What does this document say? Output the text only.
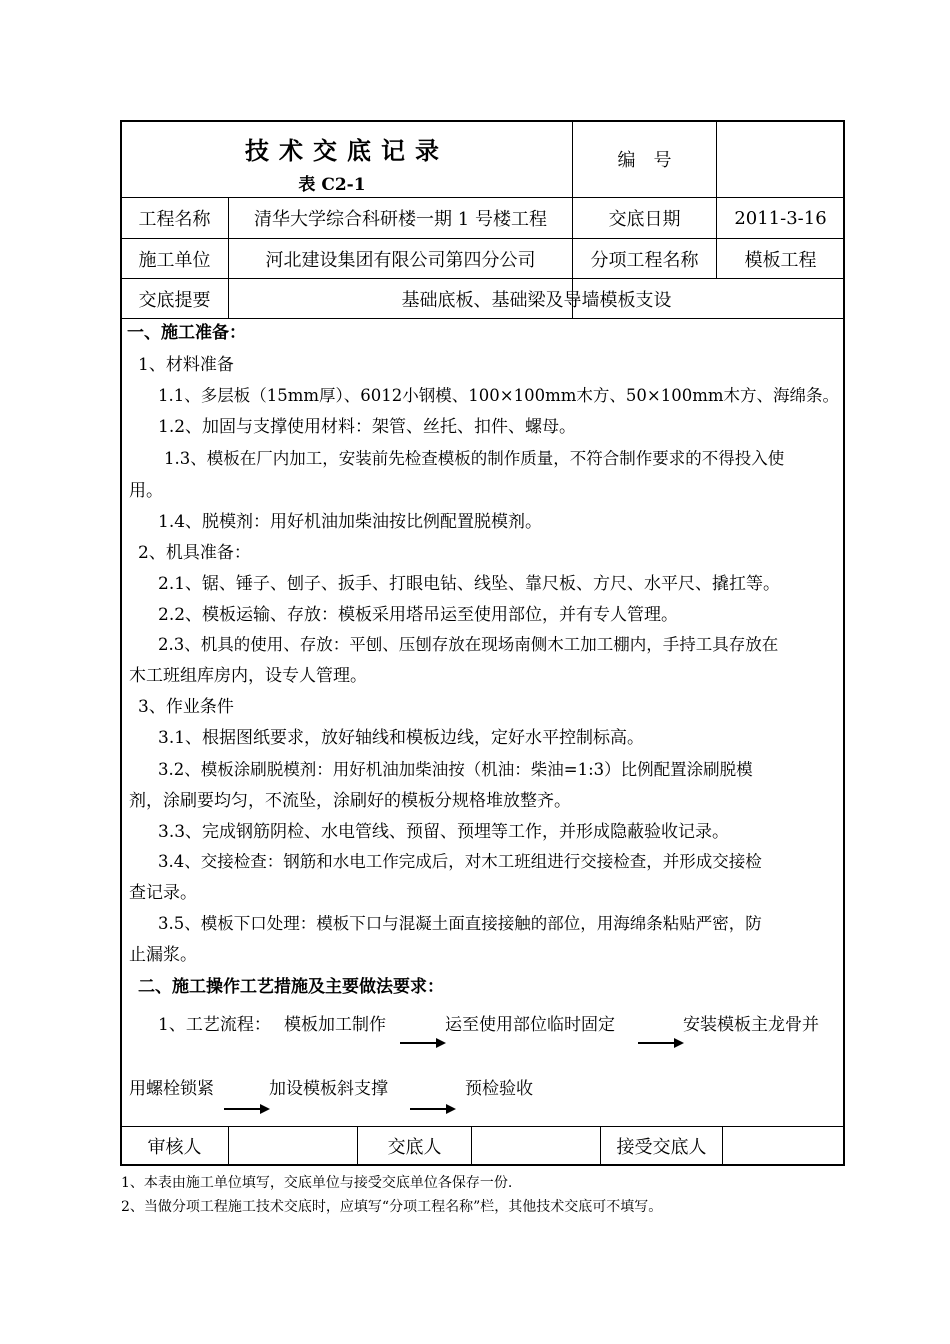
技术交底记录
表 C2-1
编　号
工程名称	清华大学综合科研楼一期 1 号楼工程	交底日期	2011-3-16
施工单位	河北建设集团有限公司第四分公司	分项工程名称	模板工程
交底提要	基础底板、基础梁及导墙模板支设
一、施工准备：
1、材料准备
1.1、多层板（15mm厚）、6012小钢模、100×100mm木方、50×100mm木方、海绵条。
1.2、加固与支撑使用材料：架管、丝托、扣件、螺母。
1.3、模板在厂内加工，安装前先检查模板的制作质量，不符合制作要求的不得投入使
用。
1.4、脱模剂：用好机油加柴油按比例配置脱模剂。
2、机具准备：
2.1、锯、锤子、刨子、扳手、打眼电钻、线坠、靠尺板、方尺、水平尺、撬扛等。
2.2、模板运输、存放：模板采用塔吊运至使用部位，并有专人管理。
2.3、机具的使用、存放：平刨、压刨存放在现场南侧木工加工棚内，手持工具存放在
木工班组库房内，设专人管理。
3、作业条件
3.1、根据图纸要求，放好轴线和模板边线，定好水平控制标高。
3.2、模板涂刷脱模剂：用好机油加柴油按（机油：柴油=1:3）比例配置涂刷脱模
剂，涂刷要均匀，不流坠，涂刷好的模板分规格堆放整齐。
3.3、完成钢筋阴检、水电管线、预留、预埋等工作，并形成隐蔽验收记录。
3.4、交接检查：钢筋和水电工作完成后，对木工班组进行交接检查，并形成交接检
查记录。
3.5、模板下口处理：模板下口与混凝土面直接接触的部位，用海绵条粘贴严密，防
止漏浆。
二、施工操作工艺措施及主要做法要求：
1、工艺流程： 模板加工制作	运至使用部位临时固定	安装模板主龙骨并
用螺栓锁紧	加设模板斜支撑	预检验收
审核人	交底人	接受交底人
1、本表由施工单位填写，交底单位与接受交底单位各保存一份.
2、当做分项工程施工技术交底时，应填写“分项工程名称”栏，其他技术交底可不填写。
